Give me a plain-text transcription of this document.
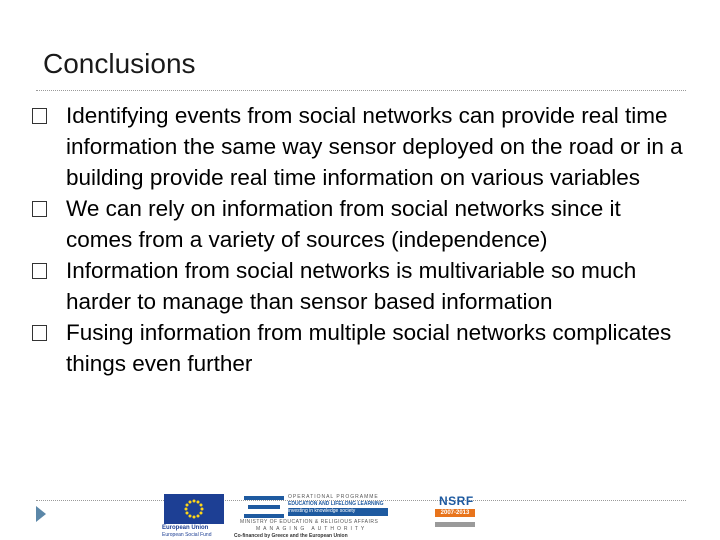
Conclusions
Identifying events from social networks can provide real time information the same way sensor deployed on the road or in a building provide real time information on various variables
We can rely on information from social networks since it comes from a variety of sources (independence)
Information from social networks is multivariable so much harder to manage than sensor based information
Fusing information from multiple social networks complicates things even further
European Union
European Social Fund
OPERATIONAL PROGRAMME
EDUCATION AND LIFELONG LEARNING
investing in knowledge society
MINISTRY OF EDUCATION & RELIGIOUS AFFAIRS
MANAGING AUTHORITY
Co-financed by Greece and the European Union
NSRF
2007-2013
